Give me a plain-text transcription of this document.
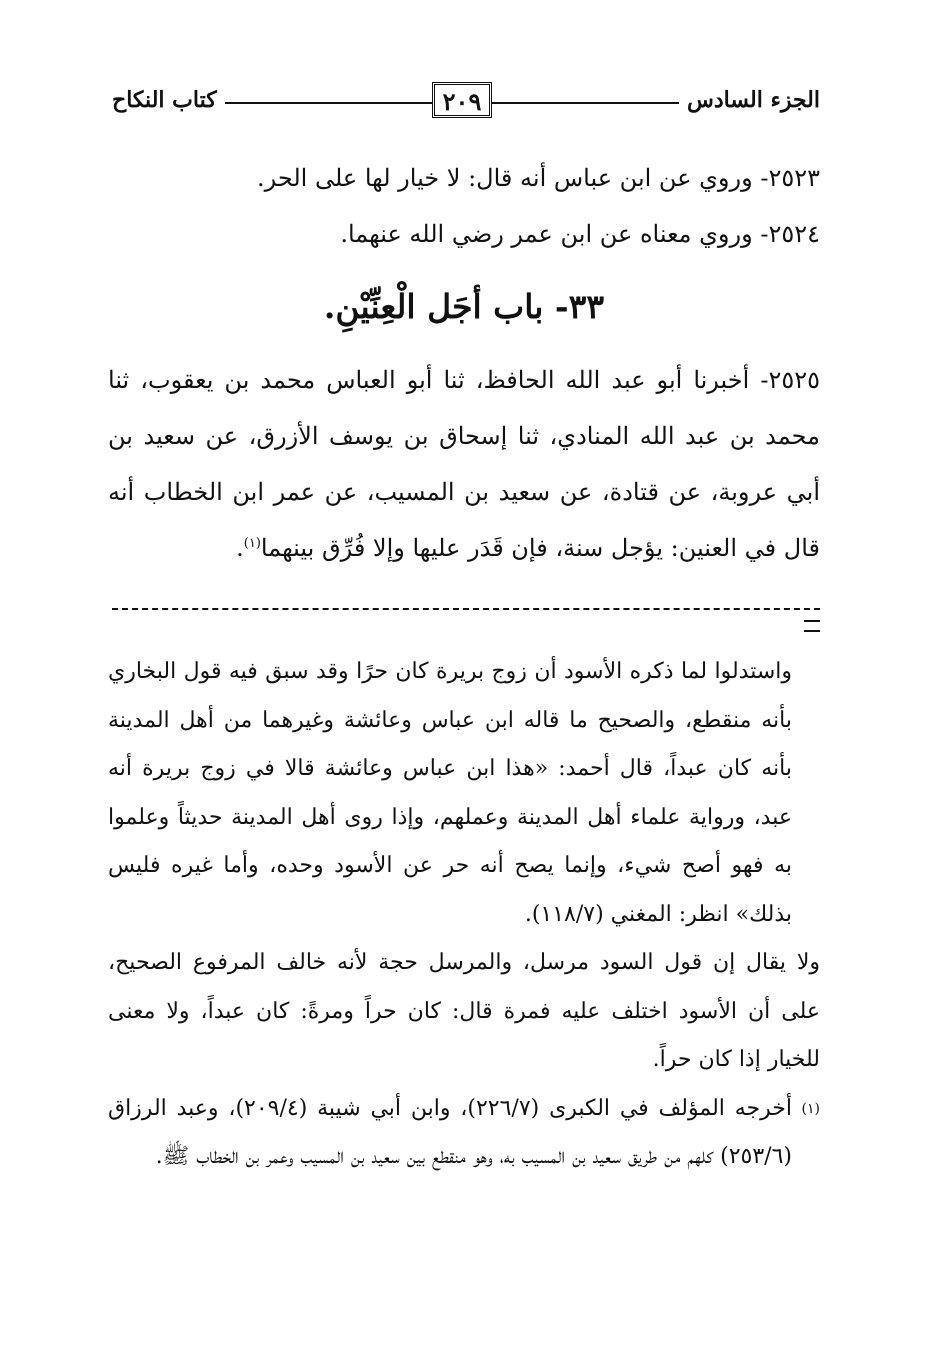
الجزء السادس
٢٠٩
كتاب النكاح

٢٥٢٣- وروي عن ابن عباس أنه قال: لا خيار لها على الحر.

٢٥٢٤- وروي معناه عن ابن عمر رضي الله عنهما.

٣٣- باب أجَل الْعِنِّيْنِ.

٢٥٢٥- أخبرنا أبو عبد الله الحافظ، ثنا أبو العباس محمد بن يعقوب، ثنا محمد بن عبد الله المنادي، ثنا إسحاق بن يوسف الأزرق، عن سعيد بن أبي عروبة، عن قتادة، عن سعيد بن المسيب، عن عمر ابن الخطاب أنه قال في العنين: يؤجل سنة، فإن قَدَر عليها وإلا فُرِّق بينهما$^{(١)}$.

واستدلوا لما ذكره الأسود أن زوج بريرة كان حرًا وقد سبق فيه قول البخاري بأنه منقطع، والصحيح ما قاله ابن عباس وعائشة وغيرهما من أهل المدينة بأنه كان عبداً، قال أحمد: «هذا ابن عباس وعائشة قالا في زوج بريرة أنه عبد، ورواية علماء أهل المدينة وعملهم، وإذا روى أهل المدينة حديثاً وعلموا به فهو أصح شيء، وإنما يصح أنه حر عن الأسود وحده، وأما غيره فليس بذلك» انظر: المغني (١١٨/٧).

ولا يقال إن قول السود مرسل، والمرسل حجة لأنه خالف المرفوع الصحيح، على أن الأسود اختلف عليه فمرة قال: كان حراً ومرةً: كان عبداً، ولا معنى للخيار إذا كان حراً.

(١)
أخرجه المؤلف في الكبرى (٢٢٦/٧)، وابن أبي شيبة (٢٠٩/٤)، وعبد الرزاق (٢٥٣/٦) كلهم من طريق سعيد بن المسيب به، وهو منقطع بين سعيد بن المسيب وعمر بن الخطاب ﷺ.
